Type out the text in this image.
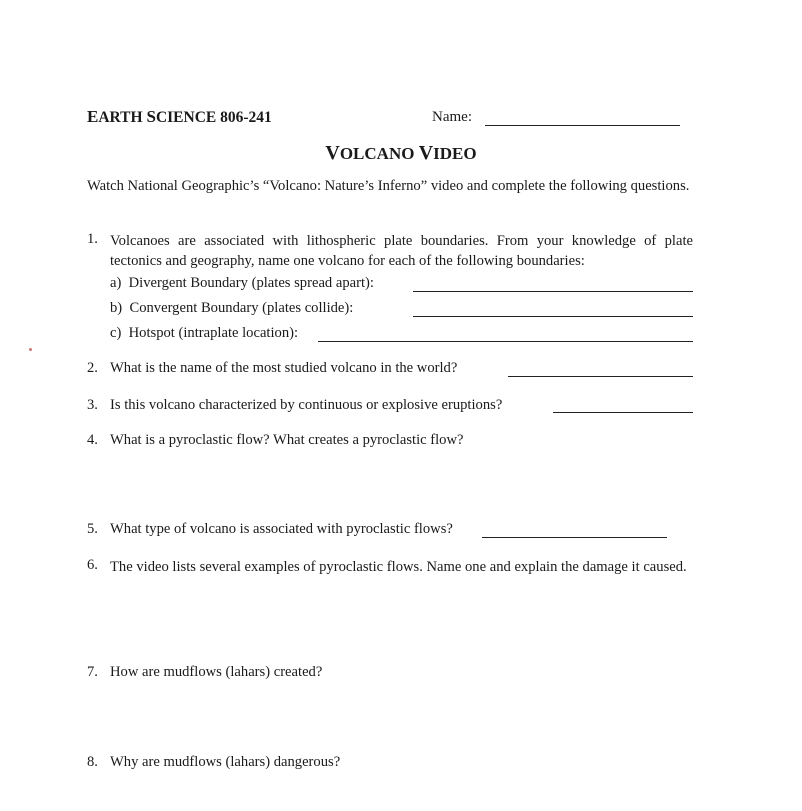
EARTH SCIENCE 806-241	Name:
VOLCANO VIDEO
Watch National Geographic’s “Volcano: Nature’s Inferno” video and complete the following questions.
1. Volcanoes are associated with lithospheric plate boundaries. From your knowledge of plate tectonics and geography, name one volcano for each of the following boundaries:
a) Divergent Boundary (plates spread apart):
b) Convergent Boundary (plates collide):
c) Hotspot (intraplate location):
2. What is the name of the most studied volcano in the world?
3. Is this volcano characterized by continuous or explosive eruptions?
4. What is a pyroclastic flow? What creates a pyroclastic flow?
5. What type of volcano is associated with pyroclastic flows?
6. The video lists several examples of pyroclastic flows. Name one and explain the damage it caused.
7. How are mudflows (lahars) created?
8. Why are mudflows (lahars) dangerous?
